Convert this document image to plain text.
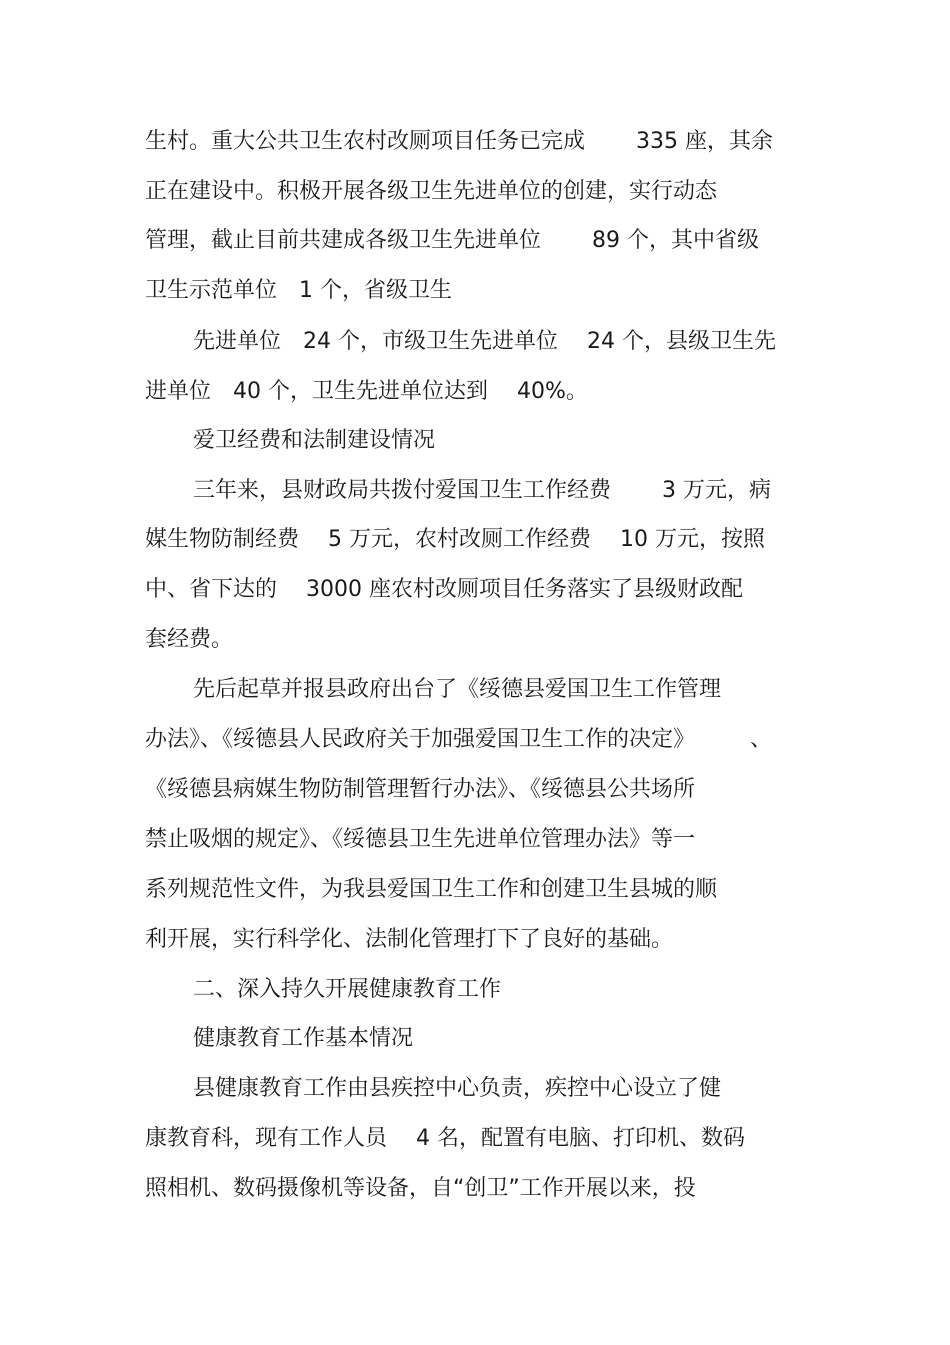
生村。重大公共卫生农村改厕项目任务已完成　　 335 座，其余
正在建设中。积极开展各级卫生先进单位的创建，实行动态
管理，截止目前共建成各级卫生先进单位　　 89 个，其中省级
卫生示范单位　1 个，省级卫生
先进单位　24 个，市级卫生先进单位　 24 个，县级卫生先
进单位　40 个，卫生先进单位达到　 40%。
爱卫经费和法制建设情况
三年来，县财政局共拨付爱国卫生工作经费　　 3 万元，病
媒生物防制经费　 5 万元，农村改厕工作经费　 10 万元，按照
中、省下达的　 3000 座农村改厕项目任务落实了县级财政配
套经费。
先后起草并报县政府出台了《绥德县爱国卫生工作管理
办法》、《绥德县人民政府关于加强爱国卫生工作的决定》　　　、
《绥德县病媒生物防制管理暂行办法》、《绥德县公共场所
禁止吸烟的规定》、《绥德县卫生先进单位管理办法》等一
系列规范性文件，为我县爱国卫生工作和创建卫生县城的顺
利开展，实行科学化、法制化管理打下了良好的基础。
二、深入持久开展健康教育工作
健康教育工作基本情况
县健康教育工作由县疾控中心负责，疾控中心设立了健
康教育科，现有工作人员　 4 名，配置有电脑、打印机、数码
照相机、数码摄像机等设备，自“创卫”工作开展以来，投
